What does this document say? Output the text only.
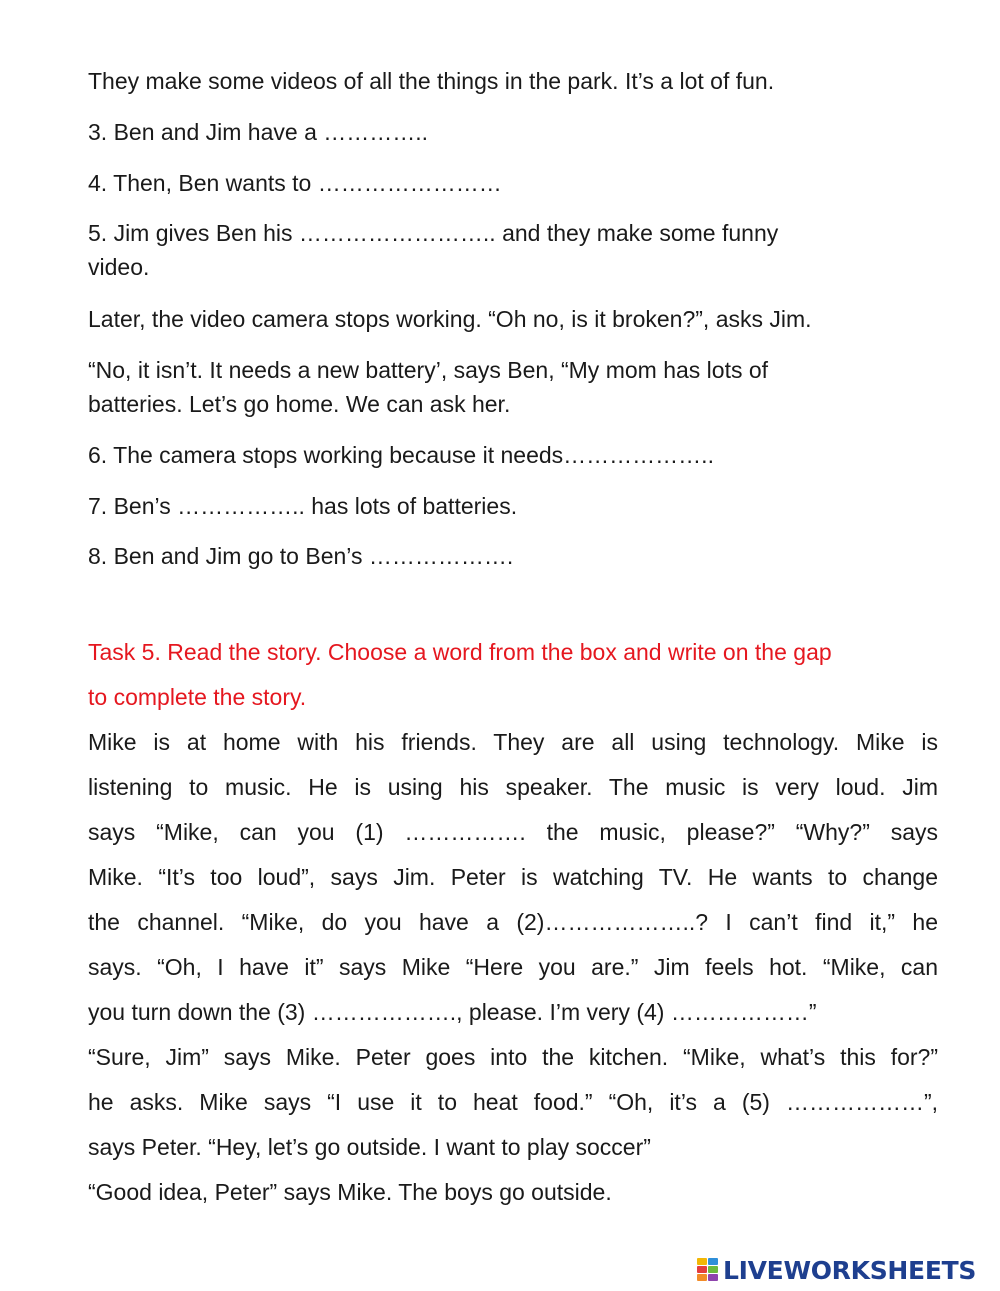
They make some videos of all the things in the park. It’s a lot of fun.
3. Ben and Jim have a …………..
4. Then, Ben wants to ……………………
5. Jim gives Ben his …………………….. and they make some funny
video.
Later, the video camera stops working. “Oh no, is it broken?”, asks Jim.
“No, it isn’t. It needs a new battery’, says Ben, “My mom has lots of
batteries. Let’s go home. We can ask her.
6. The camera stops working because it needs………………..
7. Ben’s …………….. has lots of batteries.
8. Ben and Jim go to Ben’s ……………….
Task 5. Read the story. Choose a word from the box and write on the gap
to complete the story.
Mike is at home with his friends. They are all using technology. Mike is
listening to music. He is using his speaker. The music is very loud. Jim
says “Mike, can you (1) ……………. the music, please?” “Why?” says
Mike. “It’s too loud”, says Jim. Peter is watching TV. He wants to change
the channel. “Mike, do you have a (2)………………..? I can’t find it,” he
says. “Oh, I have it” says Mike “Here you are.” Jim feels hot. “Mike, can
you turn down the (3) ………………., please. I’m very (4) ………………”
“Sure, Jim” says Mike. Peter goes into the kitchen. “Mike, what’s this for?”
he asks. Mike says “I use it to heat food.” “Oh, it’s a (5) ………………”,
says Peter. “Hey, let’s go outside. I want to play soccer”
“Good idea, Peter” says Mike. The boys go outside.
LIVEWORKSHEETS
